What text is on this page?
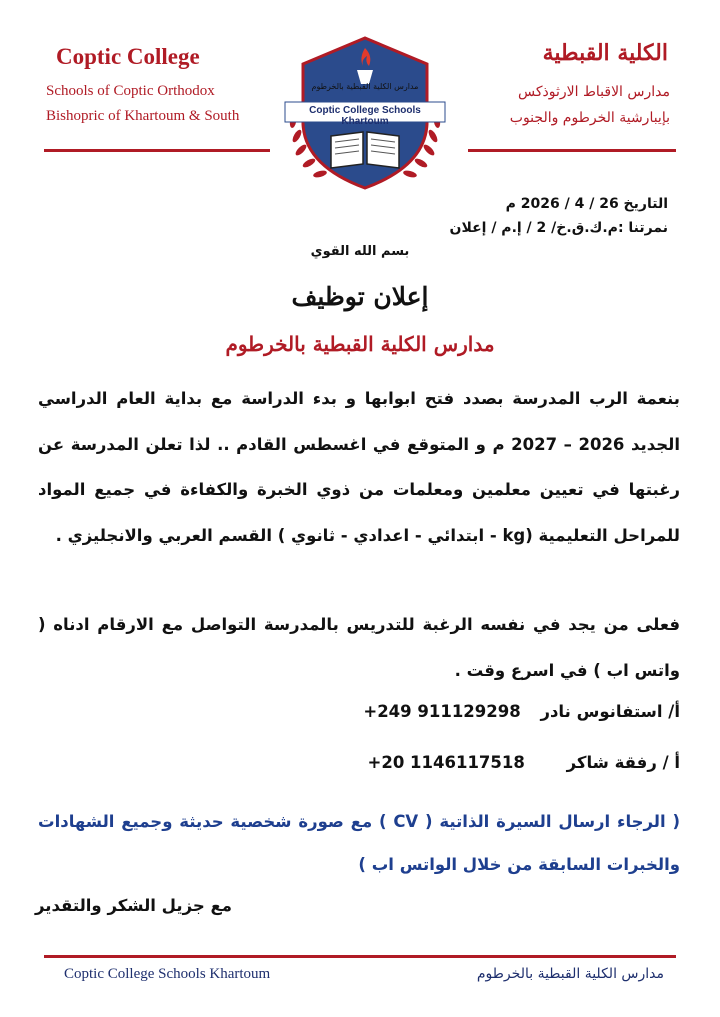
Coptic College
Schools of Coptic Orthodox
Bishopric of Khartoum & South
الكلية القبطية
مدارس الاقباط الارثوذكس
بإيبارشية الخرطوم والجنوب
مدارس الكلية القبطية بالخرطوم
Coptic College Schools Khartoum
التاريخ 26 / 4 / 2026 م
نمرتنا :م.ك.ق.خ/ 2 / إ.م / إعلان
بسم الله القوي
إعلان توظيف
مدارس الكلية القبطية بالخرطوم
بنعمة الرب المدرسة بصدد فتح ابوابها و بدء الدراسة مع بداية العام الدراسي الجديد 2026 – 2027 م و المتوقع في اغسطس القادم .. لذا تعلن المدرسة عن رغبتها في تعيين معلمين ومعلمات من ذوي الخبرة والكفاءة في جميع المواد للمراحل التعليمية (kg - ابتدائي - اعدادي - ثانوي ) القسم العربي والانجليزي .
فعلى من يجد في نفسه الرغبة للتدريس بالمدرسة التواصل مع الارقام ادناه ( واتس اب ) في اسرع وقت .
أ/ استفانوس نادر +249 911129298
أ / رفقة شاكر +20 1146117518
( الرجاء ارسال السيرة الذاتية ( CV ) مع صورة شخصية حديثة وجميع الشهادات والخبرات السابقة من خلال الواتس اب )
مع جزيل الشكر والتقدير
Coptic College Schools Khartoum	مدارس الكلية القبطية بالخرطوم
